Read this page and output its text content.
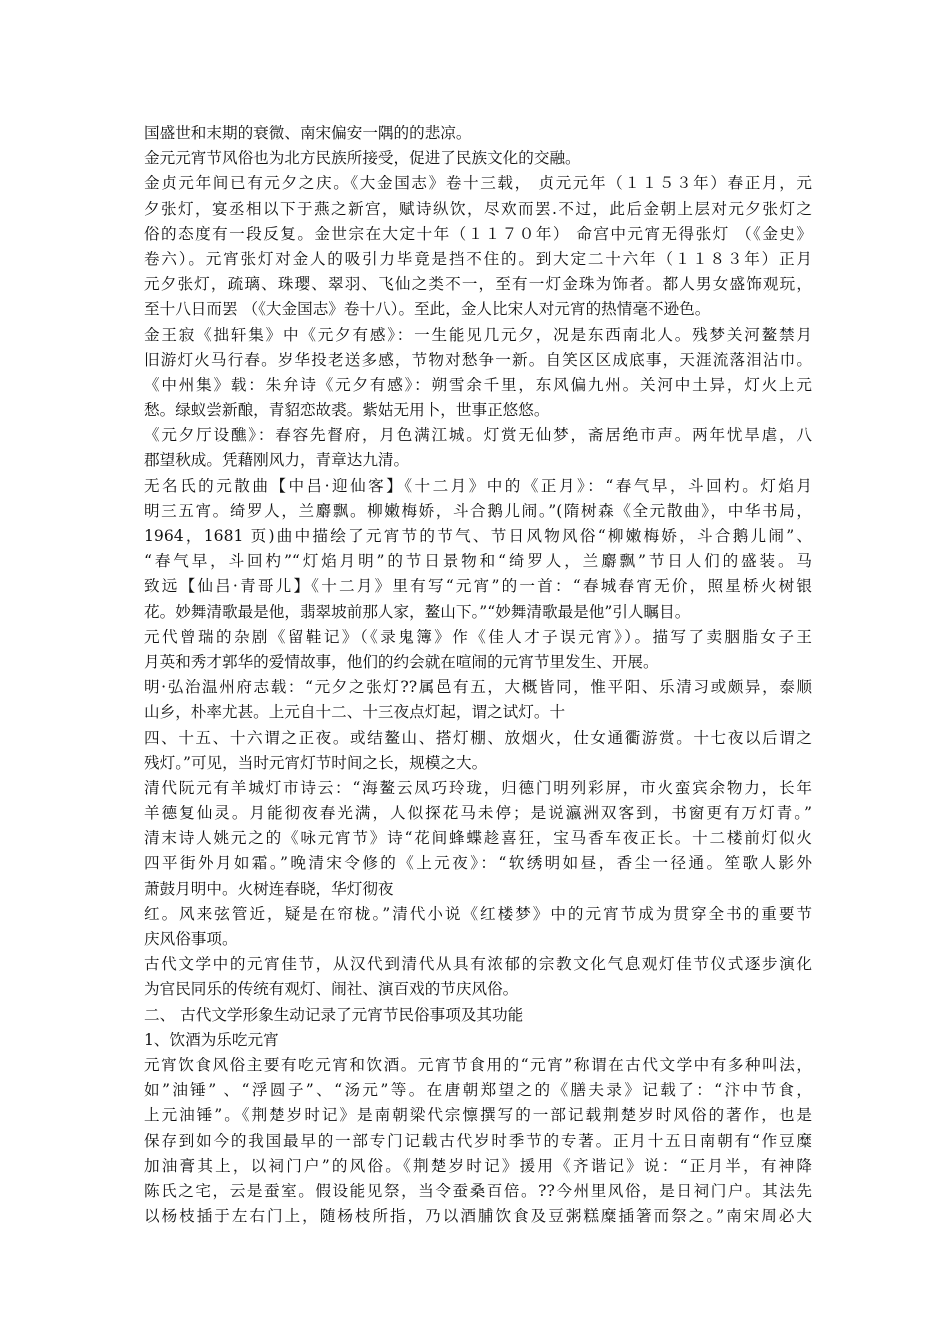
国盛世和末期的衰微、南宋偏安一隅的的悲凉。
金元元宵节风俗也为北方民族所接受，促进了民族文化的交融。
金贞元年间已有元夕之庆。《大金国志》卷十三载， 贞元元年（１１５３年）春正月，元
夕张灯，宴丞相以下于燕之新宫，赋诗纵饮，尽欢而罢.不过，此后金朝上层对元夕张灯之
俗的态度有一段反复。金世宗在大定十年（１１７０年） 命宫中元宵无得张灯 （《金史》
卷六）。元宵张灯对金人的吸引力毕竟是挡不住的。到大定二十六年（１１８３年）正月
元夕张灯，疏璃、珠璎、翠羽、飞仙之类不一，至有一灯金珠为饰者。都人男女盛饰观玩，
至十八日而罢 （《大金国志》卷十八）。至此，金人比宋人对元宵的热情毫不逊色。
金王寂《拙轩集》中《元夕有感》：一生能见几元夕，况是东西南北人。残梦关河鳌禁月
旧游灯火马行春。岁华投老送多感，节物对愁争一新。自笑区区成底事，天涯流落泪沾巾。
《中州集》载：朱弁诗《元夕有感》：朔雪余千里，东风偏九州。关河中土异，灯火上元
愁。绿蚁尝新酿，青貂恋故裘。紫姑无用卜，世事正悠悠。
《元夕厅设醮》：春容先督府，月色满江城。灯赏无仙梦，斋居绝市声。两年忧旱虐，八
郡望秋成。凭藉刚风力，青章达九清。
无名氏的元散曲【中吕·迎仙客】《十二月》中的《正月》：“春气早，斗回杓。灯焰月
明三五宵。绮罗人，兰麝飘。柳嫩梅娇，斗合鹅儿闹。”(隋树森《全元散曲》，中华书局，
1964，1681 页)曲中描绘了元宵节的节气、节日风物风俗“柳嫩梅娇，斗合鹅儿闹”、
“春气早，斗回杓”“灯焰月明”的节日景物和“绮罗人，兰麝飘”节日人们的盛装。马
致远【仙吕·青哥儿】《十二月》里有写“元宵”的一首：“春城春宵无价，照星桥火树银
花。妙舞清歌最是他，翡翠坡前那人家，鳌山下。”“妙舞清歌最是他”引人瞩目。
元代曾瑞的杂剧《留鞋记》（《录鬼簿》作《佳人才子误元宵》）。描写了卖胭脂女子王
月英和秀才郭华的爱情故事，他们的约会就在喧闹的元宵节里发生、开展。
明·弘治温州府志载：“元夕之张灯??属邑有五，大概皆同，惟平阳、乐清习或颇异，泰顺
山乡，朴率尤甚。上元自十二、十三夜点灯起，谓之试灯。十
四、十五、十六谓之正夜。或结鳌山、搭灯棚、放烟火，仕女通衢游赏。十七夜以后谓之
残灯。”可见，当时元宵灯节时间之长，规模之大。
清代阮元有羊城灯市诗云：“海鳌云凤巧玲珑，归德门明列彩屏，市火蛮宾余物力，长年
羊德复仙灵。月能彻夜春光满，人似探花马未停；是说瀛洲双客到，书窗更有万灯青。”
清末诗人姚元之的《咏元宵节》诗“花间蜂蝶趁喜狂，宝马香车夜正长。十二楼前灯似火
四平街外月如霜。”晚清宋令修的《上元夜》：“软绣明如昼，香尘一径通。笙歌人影外
萧鼓月明中。火树连春晓，华灯彻夜
红。风来弦管近，疑是在帘栊。”清代小说《红楼梦》中的元宵节成为贯穿全书的重要节
庆风俗事项。
古代文学中的元宵佳节，从汉代到清代从具有浓郁的宗教文化气息观灯佳节仪式逐步演化
为官民同乐的传统有观灯、闹社、演百戏的节庆风俗。
二、 古代文学形象生动记录了元宵节民俗事项及其功能
1、饮酒为乐吃元宵
元宵饮食风俗主要有吃元宵和饮酒。元宵节食用的“元宵”称谓在古代文学中有多种叫法，
如”油锤” 、“浮圆子”、“汤元”等。在唐朝郑望之的《膳夫录》记载了：“汴中节食，
上元油锤”。《荆楚岁时记》是南朝梁代宗懔撰写的一部记载荆楚岁时风俗的著作，也是
保存到如今的我国最早的一部专门记载古代岁时季节的专著。正月十五日南朝有“作豆糜
加油膏其上，以祠门户”的风俗。《荆楚岁时记》援用《齐谐记》说：“正月半，有神降
陈氏之宅，云是蚕室。假设能见祭，当令蚕桑百倍。??今州里风俗，是日祠门户。其法先
以杨枝插于左右门上，随杨枝所指，乃以酒脯饮食及豆粥糕糜插箸而祭之。”南宋周必大
